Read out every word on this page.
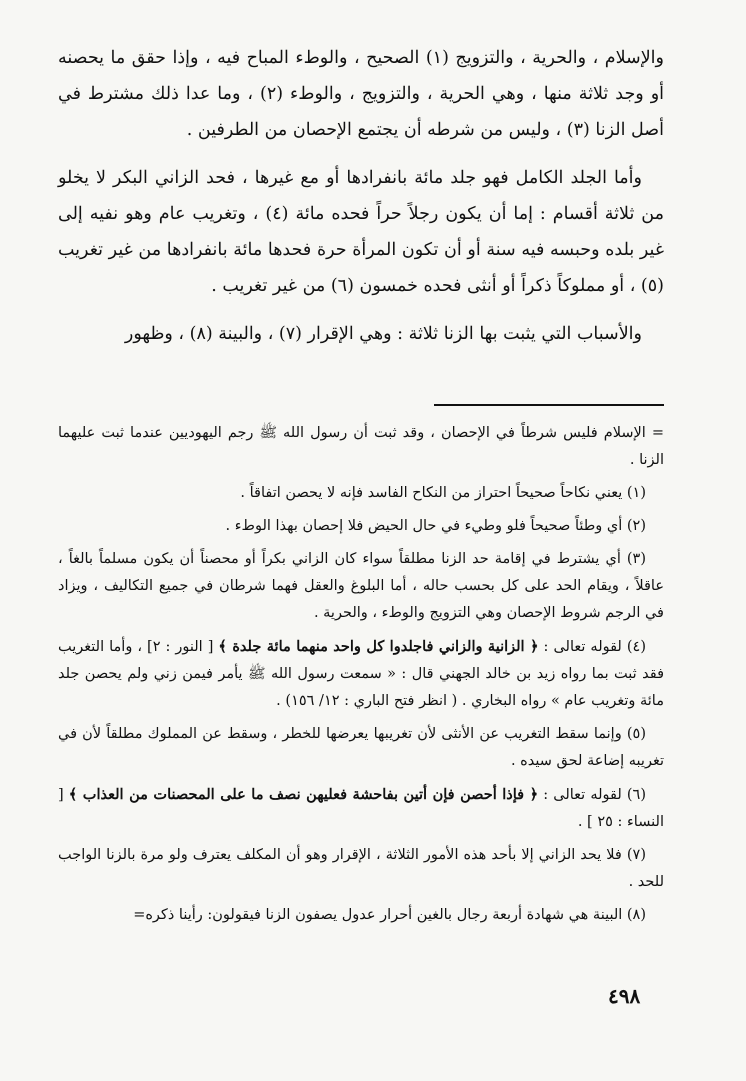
والإسلام ، والحرية ، والتزويج (١) الصحيح ، والوطء المباح فيه ، وإذا حقق ما يحصنه أو وجد ثلاثة منها ، وهي الحرية ، والتزويج ، والوطء (٢) ، وما عدا ذلك مشترط في أصل الزنا (٣) ، وليس من شرطه أن يجتمع الإحصان من الطرفين .

وأما الجلد الكامل فهو جلد مائة بانفرادها أو مع غيرها ، فحد الزاني البكر لا يخلو من ثلاثة أقسام : إما أن يكون رجلاً حراً فحده مائة (٤) ، وتغريب عام وهو نفيه إلى غير بلده وحبسه فيه سنة أو أن تكون المرأة حرة فحدها مائة بانفرادها من غير تغريب (٥) ، أو مملوكاً ذكراً أو أنثى فحده خمسون (٦) من غير تغريب .

والأسباب التي يثبت بها الزنا ثلاثة : وهي الإقرار (٧) ، والبينة (٨) ، وظهور

= الإسلام فليس شرطاً في الإحصان ، وقد ثبت أن رسول الله ﷺ رجم اليهوديين عندما ثبت عليهما الزنا .

(١) يعني نكاحاً صحيحاً احتراز من النكاح الفاسد فإنه لا يحصن اتفاقاً .

(٢) أي وطئاً صحيحاً فلو وطيء في حال الحيض فلا إحصان بهذا الوطء .

(٣) أي يشترط في إقامة حد الزنا مطلقاً سواء كان الزاني بكراً أو محصناً أن يكون مسلماً بالغاً ، عاقلاً ، ويقام الحد على كل بحسب حاله ، أما البلوغ والعقل فهما شرطان في جميع التكاليف ، ويزاد في الرجم شروط الإحصان وهي التزويج والوطء ، والحرية .

(٤) لقوله تعالى : ﴿ الزانية والزاني فاجلدوا كل واحد منهما مائة جلدة ﴾ [ النور : ٢] ، وأما التغريب فقد ثبت بما رواه زيد بن خالد الجهني قال : « سمعت رسول الله ﷺ يأمر فيمن زني ولم يحصن جلد مائة وتغريب عام » رواه البخاري . ( انظر فتح الباري : ١٢/ ١٥٦) .

(٥) وإنما سقط التغريب عن الأنثى لأن تغريبها يعرضها للخطر ، وسقط عن المملوك مطلقاً لأن في تغريبه إضاعة لحق سيده .

(٦) لقوله تعالى : ﴿ فإذا أحصن فإن أتين بفاحشة فعليهن نصف ما على المحصنات من العذاب ﴾ [ النساء : ٢٥ ] .

(٧) فلا يحد الزاني إلا بأحد هذه الأمور الثلاثة ، الإقرار وهو أن المكلف يعترف ولو مرة بالزنا الواجب للحد .

(٨) البينة هي شهادة أربعة رجال بالغين أحرار عدول يصفون الزنا فيقولون: رأينا ذكره=

٤٩٨
